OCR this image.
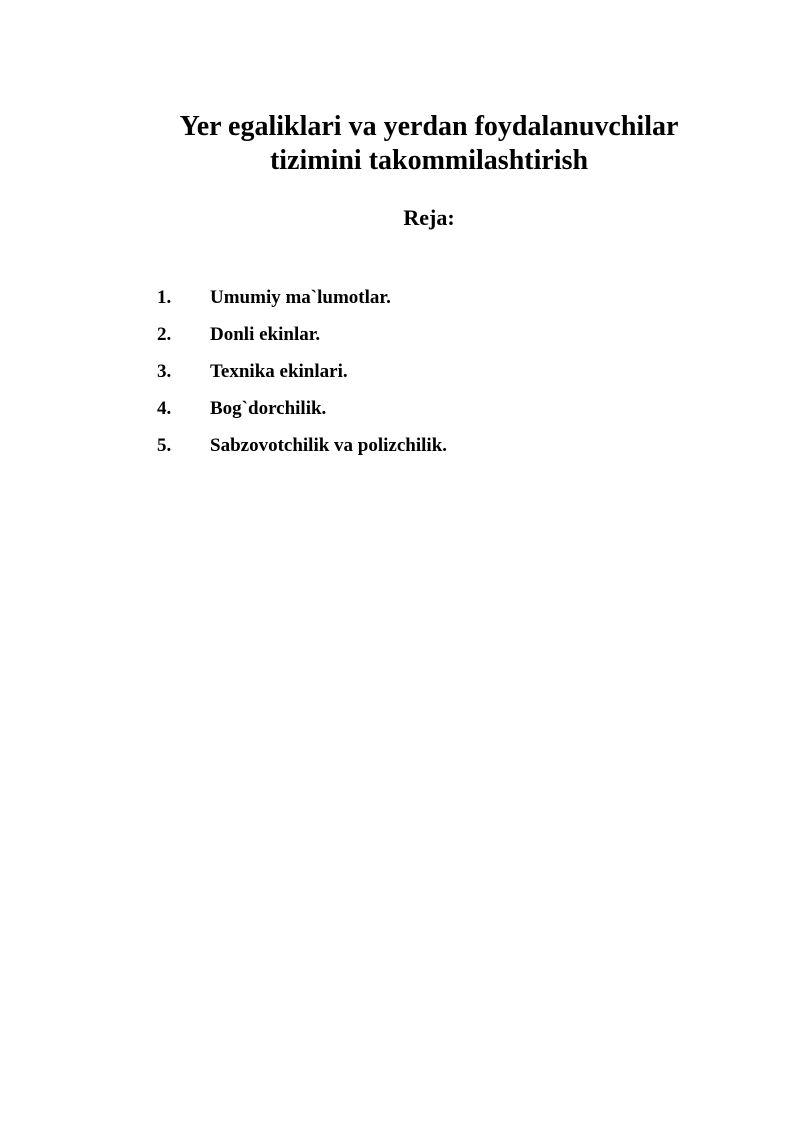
Yer egaliklari va yerdan foydalanuvchilar
tizimini takommilashtirish
Reja:
1.	Umumiy ma`lumotlar.
2.	Donli ekinlar.
3.	Texnika ekinlari.
4.	Bog`dorchilik.
5.	Sabzovotchilik va polizchilik.
